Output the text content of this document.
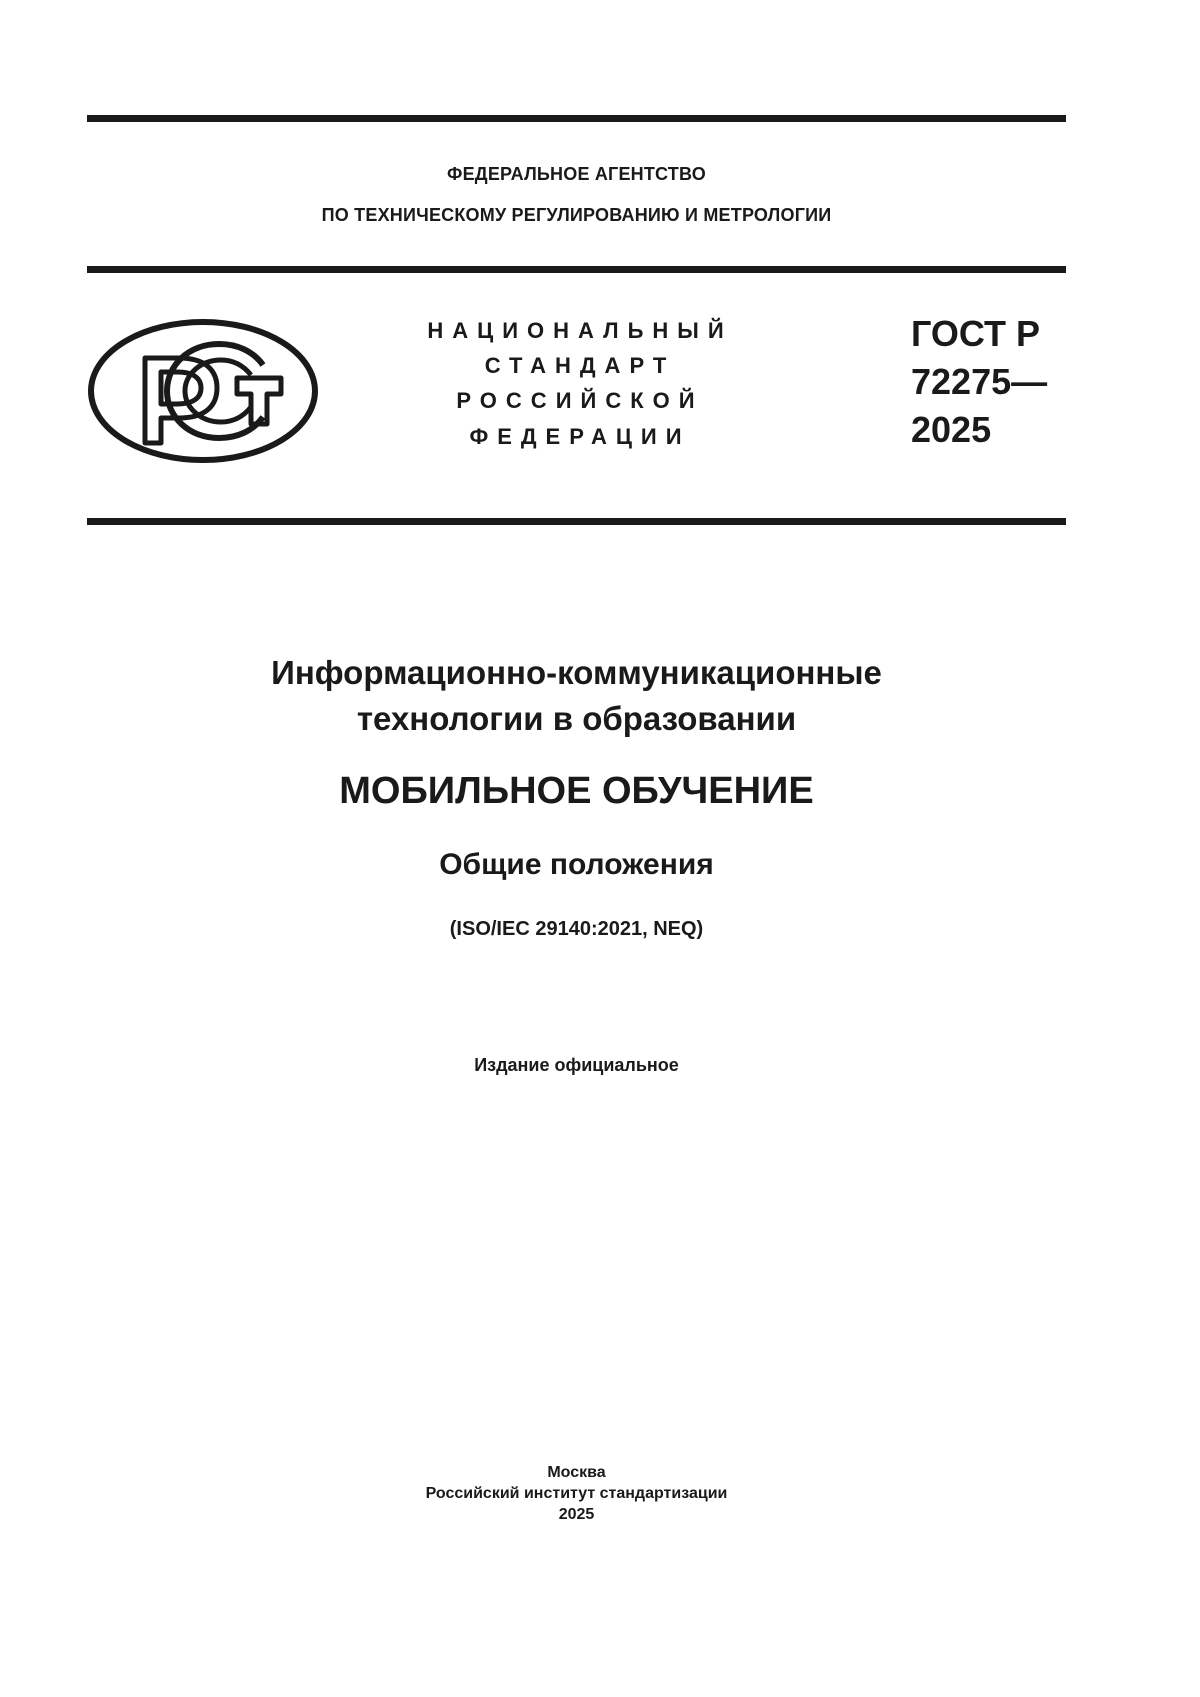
ФЕДЕРАЛЬНОЕ АГЕНТСТВО
ПО ТЕХНИЧЕСКОМУ РЕГУЛИРОВАНИЮ И МЕТРОЛОГИИ
НАЦИОНАЛЬНЫЙ
СТАНДАРТ
РОССИЙСКОЙ
ФЕДЕРАЦИИ
ГОСТ Р
72275—
2025
Информационно-коммуникационные
технологии в образовании
МОБИЛЬНОЕ ОБУЧЕНИЕ
Общие положения
(ISO/IEC 29140:2021, NEQ)
Издание официальное
Москва
Российский институт стандартизации
2025
